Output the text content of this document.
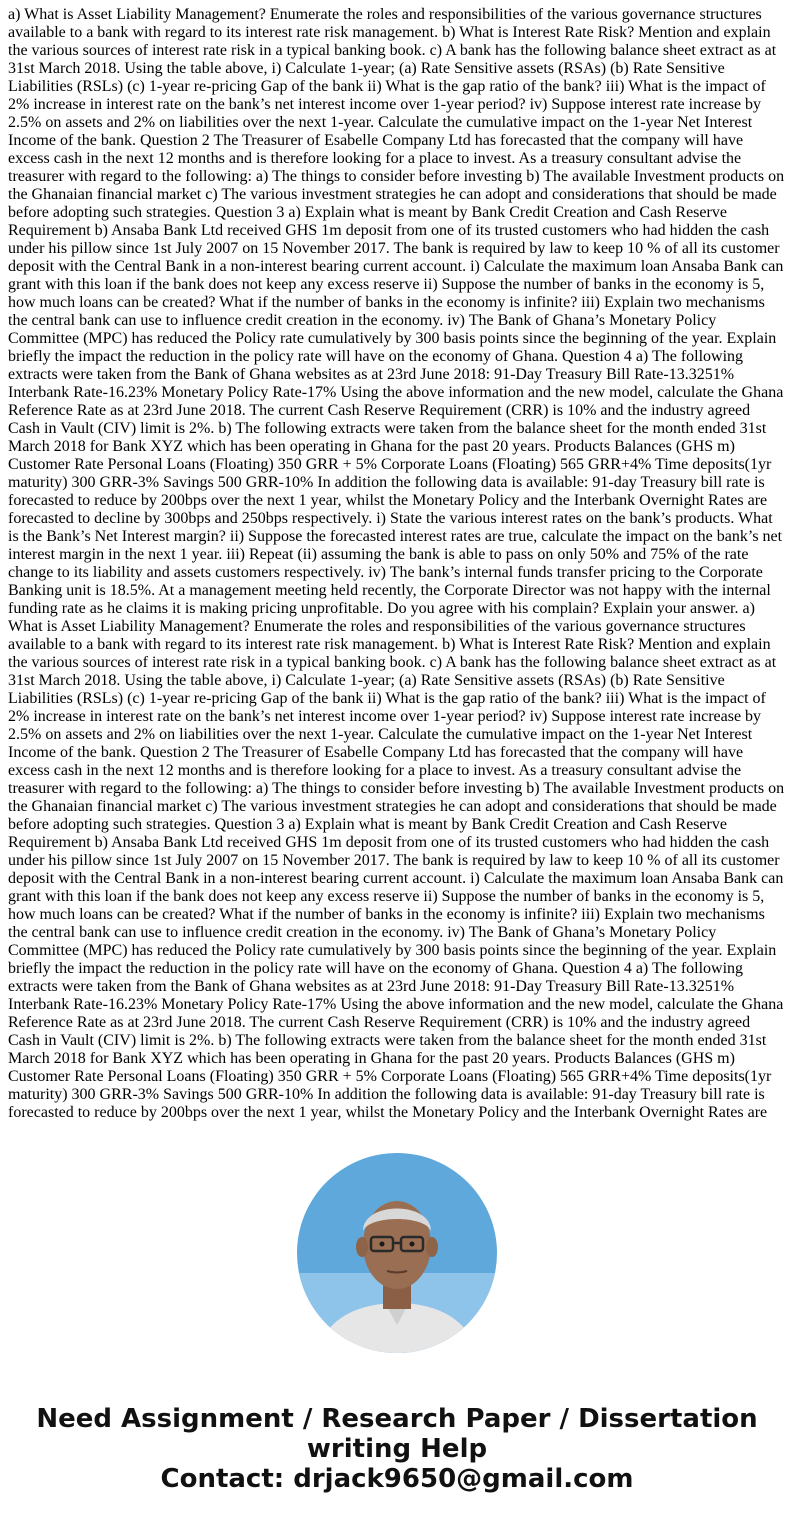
a) What is Asset Liability Management? Enumerate the roles and responsibilities of the various governance structures available to a bank with regard to its interest rate risk management. b) What is Interest Rate Risk? Mention and explain the various sources of interest rate risk in a typical banking book. c) A bank has the following balance sheet extract as at 31st March 2018. Using the table above, i) Calculate 1-year; (a) Rate Sensitive assets (RSAs) (b) Rate Sensitive Liabilities (RSLs) (c) 1-year re-pricing Gap of the bank ii) What is the gap ratio of the bank? iii) What is the impact of 2% increase in interest rate on the bank’s net interest income over 1-year period? iv) Suppose interest rate increase by 2.5% on assets and 2% on liabilities over the next 1-year. Calculate the cumulative impact on the 1-year Net Interest Income of the bank. Question 2 The Treasurer of Esabelle Company Ltd has forecasted that the company will have excess cash in the next 12 months and is therefore looking for a place to invest. As a treasury consultant advise the treasurer with regard to the following: a) The things to consider before investing b) The available Investment products on the Ghanaian financial market c) The various investment strategies he can adopt and considerations that should be made before adopting such strategies. Question 3 a) Explain what is meant by Bank Credit Creation and Cash Reserve Requirement b) Ansaba Bank Ltd received GHS 1m deposit from one of its trusted customers who had hidden the cash under his pillow since 1st July 2007 on 15 November 2017. The bank is required by law to keep 10 % of all its customer deposit with the Central Bank in a non-interest bearing current account. i) Calculate the maximum loan Ansaba Bank can grant with this loan if the bank does not keep any excess reserve ii) Suppose the number of banks in the economy is 5, how much loans can be created? What if the number of banks in the economy is infinite? iii) Explain two mechanisms the central bank can use to influence credit creation in the economy. iv) The Bank of Ghana’s Monetary Policy Committee (MPC) has reduced the Policy rate cumulatively by 300 basis points since the beginning of the year. Explain briefly the impact the reduction in the policy rate will have on the economy of Ghana. Question 4 a) The following extracts were taken from the Bank of Ghana websites as at 23rd June 2018: 91-Day Treasury Bill Rate-13.3251% Interbank Rate-16.23% Monetary Policy Rate-17% Using the above information and the new model, calculate the Ghana Reference Rate as at 23rd June 2018. The current Cash Reserve Requirement (CRR) is 10% and the industry agreed Cash in Vault (CIV) limit is 2%. b) The following extracts were taken from the balance sheet for the month ended 31st March 2018 for Bank XYZ which has been operating in Ghana for the past 20 years. Products Balances (GHS m) Customer Rate Personal Loans (Floating) 350 GRR + 5% Corporate Loans (Floating) 565 GRR+4% Time deposits(1yr maturity) 300 GRR-3% Savings 500 GRR-10% In addition the following data is available: 91-day Treasury bill rate is forecasted to reduce by 200bps over the next 1 year, whilst the Monetary Policy and the Interbank Overnight Rates are forecasted to decline by 300bps and 250bps respectively. i) State the various interest rates on the bank’s products. What is the Bank’s Net Interest margin? ii) Suppose the forecasted interest rates are true, calculate the impact on the bank’s net interest margin in the next 1 year. iii) Repeat (ii) assuming the bank is able to pass on only 50% and 75% of the rate change to its liability and assets customers respectively. iv) The bank’s internal funds transfer pricing to the Corporate Banking unit is 18.5%. At a management meeting held recently, the Corporate Director was not happy with the internal funding rate as he claims it is making pricing unprofitable. Do you agree with his complain? Explain your answer. a) What is Asset Liability Management? Enumerate the roles and responsibilities of the various governance structures available to a bank with regard to its interest rate risk management. b) What is Interest Rate Risk? Mention and explain the various sources of interest rate risk in a typical banking book. c) A bank has the following balance sheet extract as at 31st March 2018. Using the table above, i) Calculate 1-year; (a) Rate Sensitive assets (RSAs) (b) Rate Sensitive Liabilities (RSLs) (c) 1-year re-pricing Gap of the bank ii) What is the gap ratio of the bank? iii) What is the impact of 2% increase in interest rate on the bank’s net interest income over 1-year period? iv) Suppose interest rate increase by 2.5% on assets and 2% on liabilities over the next 1-year. Calculate the cumulative impact on the 1-year Net Interest Income of the bank. Question 2 The Treasurer of Esabelle Company Ltd has forecasted that the company will have excess cash in the next 12 months and is therefore looking for a place to invest. As a treasury consultant advise the treasurer with regard to the following: a) The things to consider before investing b) The available Investment products on the Ghanaian financial market c) The various investment strategies he can adopt and considerations that should be made before adopting such strategies. Question 3 a) Explain what is meant by Bank Credit Creation and Cash Reserve Requirement b) Ansaba Bank Ltd received GHS 1m deposit from one of its trusted customers who had hidden the cash under his pillow since 1st July 2007 on 15 November 2017. The bank is required by law to keep 10 % of all its customer deposit with the Central Bank in a non-interest bearing current account. i) Calculate the maximum loan Ansaba Bank can grant with this loan if the bank does not keep any excess reserve ii) Suppose the number of banks in the economy is 5, how much loans can be created? What if the number of banks in the economy is infinite? iii) Explain two mechanisms the central bank can use to influence credit creation in the economy. iv) The Bank of Ghana’s Monetary Policy Committee (MPC) has reduced the Policy rate cumulatively by 300 basis points since the beginning of the year. Explain briefly the impact the reduction in the policy rate will have on the economy of Ghana. Question 4 a) The following extracts were taken from the Bank of Ghana websites as at 23rd June 2018: 91-Day Treasury Bill Rate-13.3251% Interbank Rate-16.23% Monetary Policy Rate-17% Using the above information and the new model, calculate the Ghana Reference Rate as at 23rd June 2018. The current Cash Reserve Requirement (CRR) is 10% and the industry agreed Cash in Vault (CIV) limit is 2%. b) The following extracts were taken from the balance sheet for the month ended 31st March 2018 for Bank XYZ which has been operating in Ghana for the past 20 years. Products Balances (GHS m) Customer Rate Personal Loans (Floating) 350 GRR + 5% Corporate Loans (Floating) 565 GRR+4% Time deposits(1yr maturity) 300 GRR-3% Savings 500 GRR-10% In addition the following data is available: 91-day Treasury bill rate is forecasted to reduce by 200bps over the next 1 year, whilst the Monetary Policy and the Interbank Overnight Rates are

Need Assignment / Research Paper / Dissertation
writing Help
Contact: drjack9650@gmail.com
